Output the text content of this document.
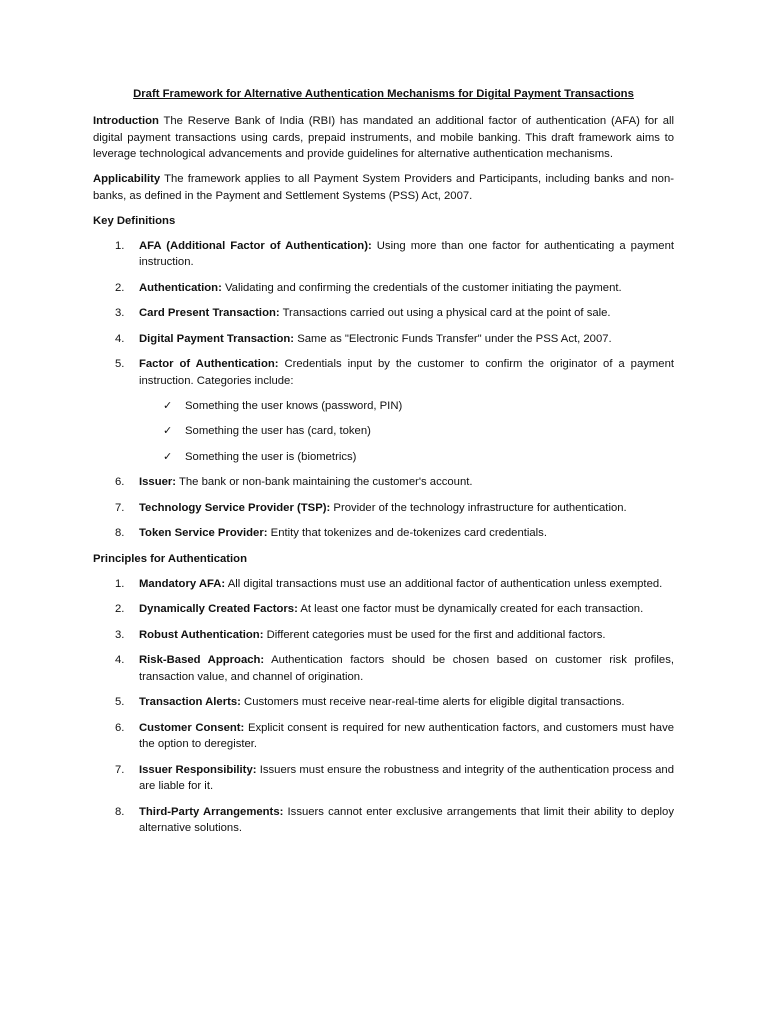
Draft Framework for Alternative Authentication Mechanisms for Digital Payment Transactions

Introduction The Reserve Bank of India (RBI) has mandated an additional factor of authentication (AFA) for all digital payment transactions using cards, prepaid instruments, and mobile banking. This draft framework aims to leverage technological advancements and provide guidelines for alternative authentication mechanisms.

Applicability The framework applies to all Payment System Providers and Participants, including banks and non-banks, as defined in the Payment and Settlement Systems (PSS) Act, 2007.

Key Definitions
1. AFA (Additional Factor of Authentication): Using more than one factor for authenticating a payment instruction.
2. Authentication: Validating and confirming the credentials of the customer initiating the payment.
3. Card Present Transaction: Transactions carried out using a physical card at the point of sale.
4. Digital Payment Transaction: Same as "Electronic Funds Transfer" under the PSS Act, 2007.
5. Factor of Authentication: Credentials input by the customer to confirm the originator of a payment instruction. Categories include:
✓ Something the user knows (password, PIN)
✓ Something the user has (card, token)
✓ Something the user is (biometrics)
6. Issuer: The bank or non-bank maintaining the customer's account.
7. Technology Service Provider (TSP): Provider of the technology infrastructure for authentication.
8. Token Service Provider: Entity that tokenizes and de-tokenizes card credentials.
Principles for Authentication
1. Mandatory AFA: All digital transactions must use an additional factor of authentication unless exempted.
2. Dynamically Created Factors: At least one factor must be dynamically created for each transaction.
3. Robust Authentication: Different categories must be used for the first and additional factors.
4. Risk-Based Approach: Authentication factors should be chosen based on customer risk profiles, transaction value, and channel of origination.
5. Transaction Alerts: Customers must receive near-real-time alerts for eligible digital transactions.
6. Customer Consent: Explicit consent is required for new authentication factors, and customers must have the option to deregister.
7. Issuer Responsibility: Issuers must ensure the robustness and integrity of the authentication process and are liable for it.
8. Third-Party Arrangements: Issuers cannot enter exclusive arrangements that limit their ability to deploy alternative solutions.
